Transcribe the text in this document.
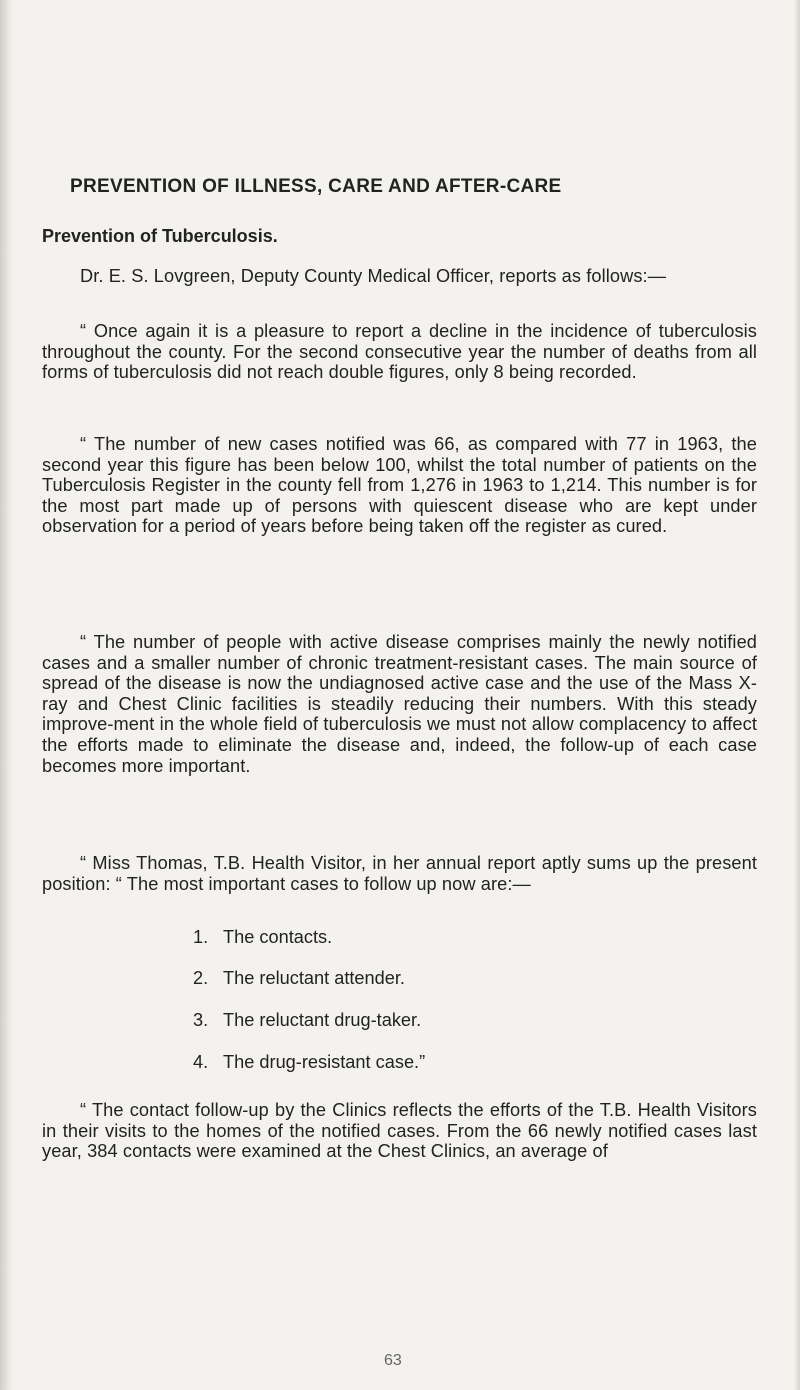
PREVENTION OF ILLNESS, CARE AND AFTER-CARE
Prevention of Tuberculosis.

Dr. E. S. Lovgreen, Deputy County Medical Officer, reports as follows:—

“ Once again it is a pleasure to report a decline in the incidence of tuberculosis throughout the county. For the second consecutive year the number of deaths from all forms of tuberculosis did not reach double figures, only 8 being recorded.

“ The number of new cases notified was 66, as compared with 77 in 1963, the second year this figure has been below 100, whilst the total number of patients on the Tuberculosis Register in the county fell from 1,276 in 1963 to 1,214. This number is for the most part made up of persons with quiescent disease who are kept under observation for a period of years before being taken off the register as cured.

“ The number of people with active disease comprises mainly the newly notified cases and a smaller number of chronic treatment-resistant cases. The main source of spread of the disease is now the undiagnosed active case and the use of the Mass X-ray and Chest Clinic facilities is steadily reducing their numbers. With this steady improve-ment in the whole field of tuberculosis we must not allow complacency to affect the efforts made to eliminate the disease and, indeed, the follow-up of each case becomes more important.

“ Miss Thomas, T.B. Health Visitor, in her annual report aptly sums up the present position: “ The most important cases to follow up now are:—

1. The contacts.

2. The reluctant attender.

3. The reluctant drug-taker.

4. The drug-resistant case.”

“ The contact follow-up by the Clinics reflects the efforts of the T.B. Health Visitors in their visits to the homes of the notified cases. From the 66 newly notified cases last year, 384 contacts were examined at the Chest Clinics, an average of

63
